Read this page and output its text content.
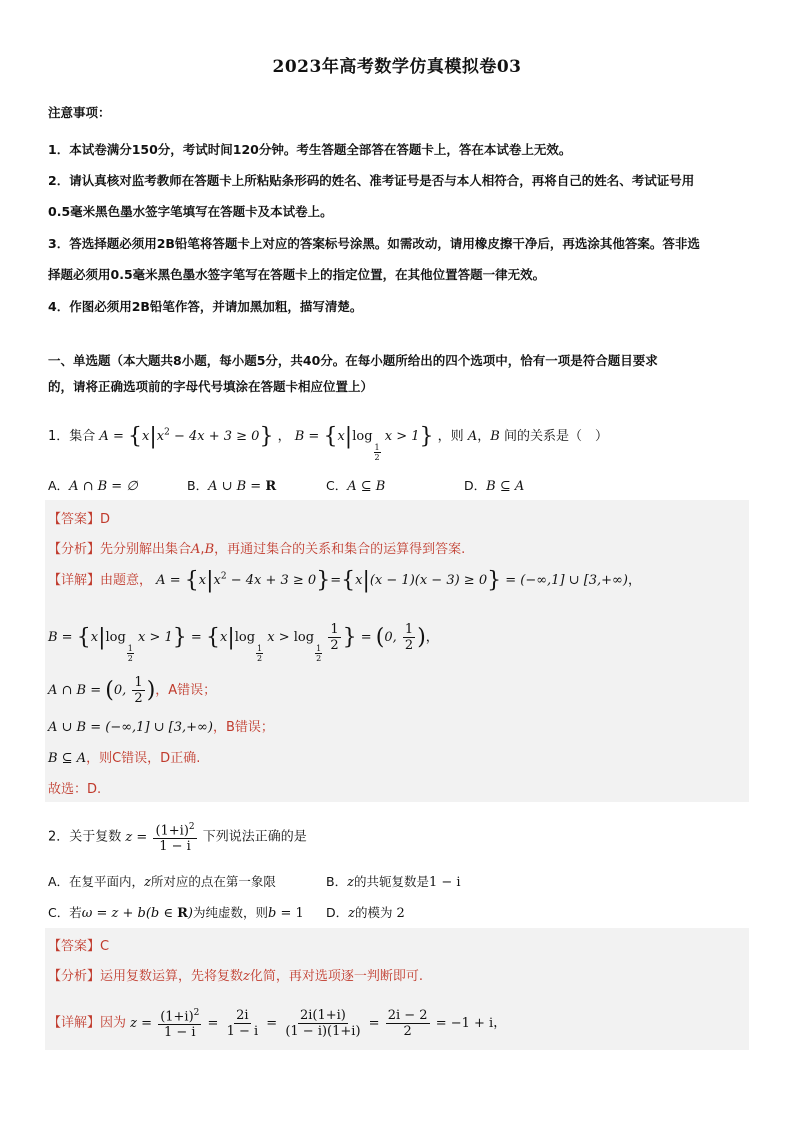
2023年高考数学仿真模拟卷03
注意事项：
1．本试卷满分150分，考试时间120分钟。考生答题全部答在答题卡上，答在本试卷上无效。
2．请认真核对监考教师在答题卡上所粘贴条形码的姓名、准考证号是否与本人相符合，再将自己的姓名、考试证号用
0.5毫米黑色墨水签字笔填写在答题卡及本试卷上。
3．答选择题必须用2B铅笔将答题卡上对应的答案标号涂黑。如需改动，请用橡皮擦干净后，再选涂其他答案。答非选
择题必须用0.5毫米黑色墨水签字笔写在答题卡上的指定位置，在其他位置答题一律无效。
4．作图必须用2B铅笔作答，并请加黑加粗，描写清楚。
一、单选题（本大题共8小题，每小题5分，共40分。在每小题所给出的四个选项中，恰有一项是符合题目要求
的，请将正确选项前的字母代号填涂在答题卡相应位置上）
1．集合 $A = \{x|x^2 - 4x + 3 \ge 0\}$ ， B = {x|log
$\frac{1}{2}$
x > 1} ，则 A，B 间的关系是（　）
A．A ∩ B = ∅	B．A ∪ B = R	C．A ⊆ B	D．B ⊆ A
【答案】D
【分析】先分别解出集合A,B，再通过集合的关系和集合的运算得到答案.
【详解】由题意， $A = \{x|x^2 - 4x + 3 \ge 0\}=\{x|(x - 1)(x - 3) \ge 0\} = (-\infty,1]$ ∪ [3,+∞)，
B = {x|log
$\frac{1}{2}$
x > 1} = {x|log
$\frac{1}{2}$
x > log
$\frac{1}{2}$

$\frac{1}{2}$ } = (0, $\frac{1}{2}$ )，
A ∩ B = (0, $\frac{1}{2}$ )，A错误；
A ∪ B = (−∞,1] ∪ [3,+∞)，B错误；
B ⊆ A，则C错误，D正确.
故选：D.
2．关于复数 $z = \frac{(1+i)^2}{1 - i}$ 下列说法正确的是
A．在复平面内，z所对应的点在第一象限	B．z的共轭复数是1 − i
C．若ω = z + b(b ∈ R)为纯虚数，则b = 1 D．z的模为 2
【答案】C
【分析】运用复数运算，先将复数z化简，再对选项逐一判断即可.
【详解】因为 $z = \frac{(1+i)^2}{1 - i} = \frac{2i}{1 - i} = \frac{2i(1+i)}{(1 - i)(1+i)} = \frac{2i - 2}{2} = -1 + i$，
